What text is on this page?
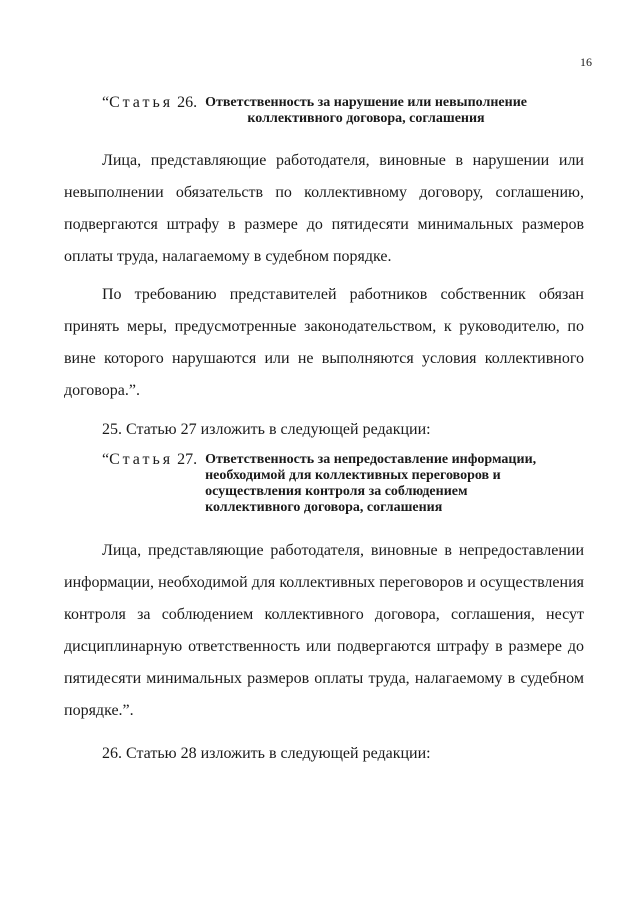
16
“Статья 26. Ответственность за нарушение или невыполнение
коллективного договора, соглашения
Лица, представляющие работодателя, виновные в нарушении или
невыполнении обязательств по коллективному договору, соглашению,
подвергаются штрафу в размере до пятидесяти минимальных размеров
оплаты труда, налагаемому в судебном порядке.
По требованию представителей работников собственник обязан
принять меры, предусмотренные законодательством, к руководителю, по
вине которого нарушаются или не выполняются условия коллективного
договора.”.

25. Статью 27 изложить в следующей редакции:

“Статья 27. Ответственность за непредоставление информации,
необходимой для коллективных переговоров и
осуществления контроля за соблюдением
коллективного договора, соглашения
Лица, представляющие работодателя, виновные в непредоставлении
информации, необходимой для коллективных переговоров и осуществления
контроля за соблюдением коллективного договора, соглашения, несут
дисциплинарную ответственность или подвергаются штрафу в размере до
пятидесяти минимальных размеров оплаты труда, налагаемому в судебном
порядке.”.

26. Статью 28 изложить в следующей редакции:
